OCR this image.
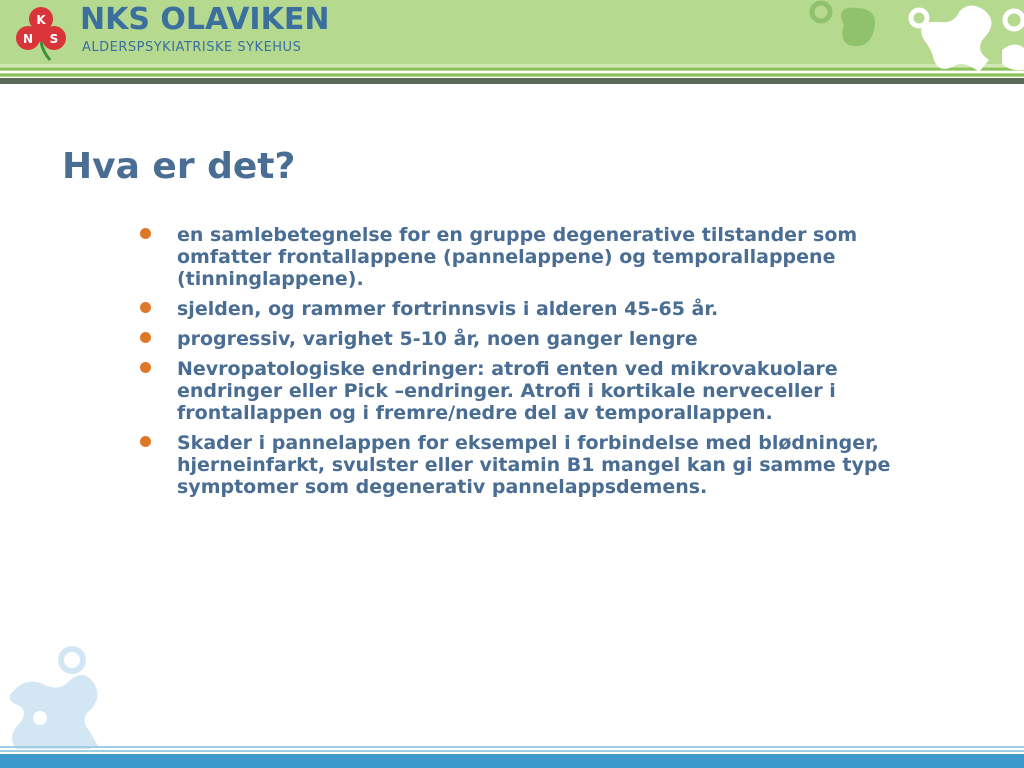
K
N S
NKS OLAVIKEN
ALDERSPSYKIATRISKE SYKEHUS
Hva er det?
en samlebetegnelse for en gruppe degenerative tilstander som omfatter frontallappene (pannelappene) og temporallappene (tinninglappene).
sjelden, og rammer fortrinnsvis i alderen 45-65 år.
progressiv, varighet 5-10 år, noen ganger lengre
Nevropatologiske endringer: atrofi enten ved mikrovakuolare endringer eller Pick –endringer. Atrofi i kortikale nerveceller i frontallappen og i fremre/nedre del av temporallappen.
Skader i pannelappen for eksempel i forbindelse med blødninger, hjerneinfarkt, svulster eller vitamin B1 mangel kan gi samme type symptomer som degenerativ pannelappsdemens.
